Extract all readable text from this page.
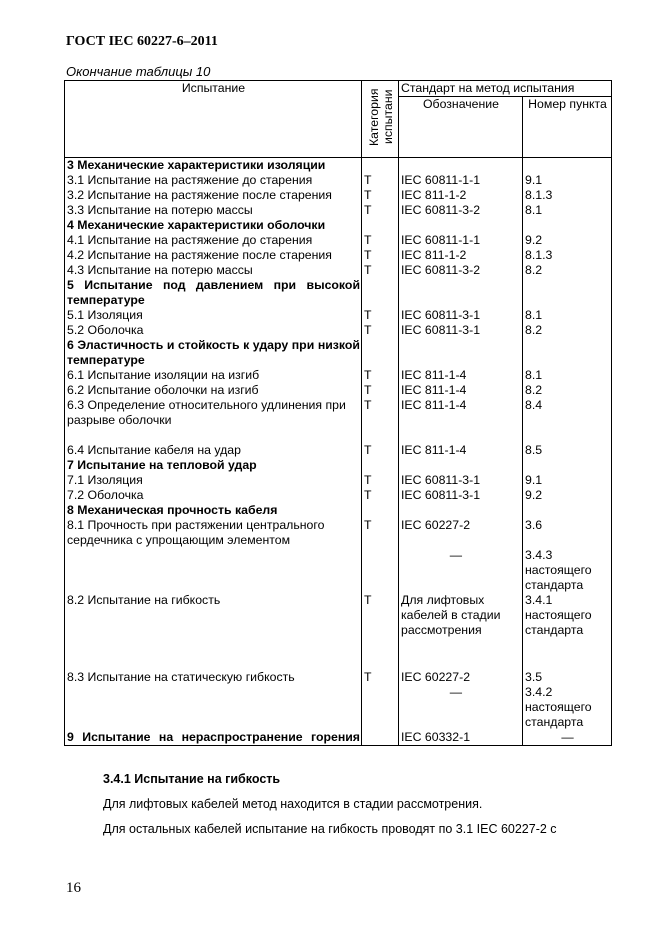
ГОСТ IEC 60227-6–2011
Окончание таблицы 10
Испытание	Категория испытани	Стандарт на метод испытания	
		Обозначение	Номер пункта
3 Механические характеристики изоляции			
3.1 Испытание на растяжение до старения	Т	IEC 60811-1-1	9.1
3.2 Испытание на растяжение после старения	Т	IEC 811-1-2	8.1.3
3.3 Испытание на потерю массы	Т	IEC 60811-3-2	8.1
4 Механические характеристики оболочки			
4.1 Испытание на растяжение до старения	Т	IEC 60811-1-1	9.2
4.2 Испытание на растяжение после старения	Т	IEC 811-1-2	8.1.3
4.3 Испытание на потерю массы	Т	IEC 60811-3-2	8.2
5 Испытание под давлением при высокой температуре			
5.1 Изоляция	Т	IEC 60811-3-1	8.1
5.2 Оболочка	Т	IEC 60811-3-1	8.2
6 Эластичность и стойкость к удару при низкой температуре			
6.1 Испытание изоляции на изгиб	Т	IEC 811-1-4	8.1
6.2 Испытание оболочки на изгиб	Т	IEC 811-1-4	8.2
6.3 Определение относительного удлинения при разрыве оболочки	Т	IEC 811-1-4	8.4
6.4 Испытание кабеля на удар	Т	IEC 811-1-4	8.5
7 Испытание на тепловой удар			
7.1 Изоляция	Т	IEC 60811-3-1	9.1
7.2 Оболочка	Т	IEC 60811-3-1	9.2
8 Механическая прочность кабеля			
8.1 Прочность при растяжении центрального сердечника с упрощающим элементом	Т	IEC 60227-2	3.6
		—	3.4.3 настоящего стандарта
8.2 Испытание на гибкость	Т	Для лифтовых кабелей в стадии рассмотрения	3.4.1 настоящего стандарта

8.3 Испытание на статическую гибкость	Т	IEC 60227-2	3.5
		—	3.4.2 настоящего стандарта
9 Испытание на нераспространение горения		IEC 60332-1	—
3.4.1 Испытание на гибкость
Для лифтовых кабелей метод находится в стадии рассмотрения.
Для остальных кабелей испытание на гибкость проводят по 3.1 IEC 60227-2 с
16
